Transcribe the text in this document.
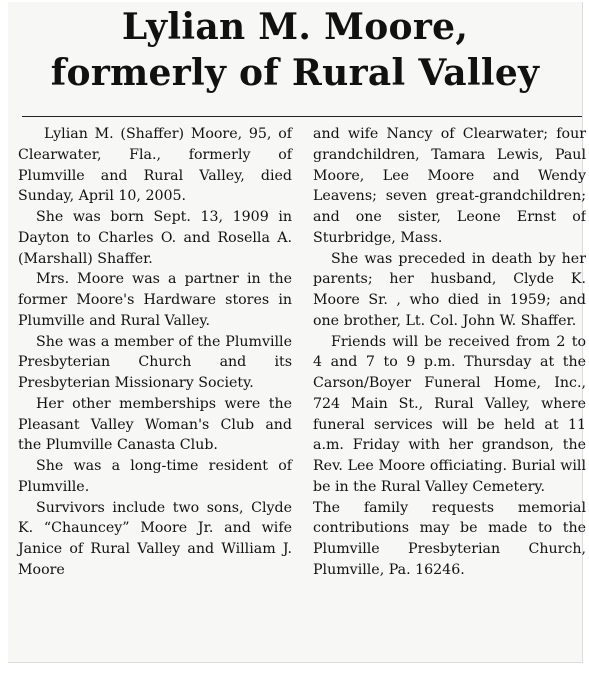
Lylian M. Moore,
formerly of Rural Valley

Lylian M. (Shaffer) Moore, 95, of Clearwater, Fla., formerly of Plumville and Rural Valley, died Sunday, April 10, 2005.

She was born Sept. 13, 1909 in Dayton to Charles O. and Rosella A. (Marshall) Shaffer.

Mrs. Moore was a partner in the former Moore's Hardware stores in Plumville and Rural Valley.

She was a member of the Plumville Presbyterian Church and its Presbyterian Missionary Society.

Her other memberships were the Pleasant Valley Woman's Club and the Plumville Canasta Club.

She was a long-time resident of Plumville.

Survivors include two sons, Clyde K. “Chauncey” Moore Jr. and wife Janice of Rural Valley and William J. Moore

and wife Nancy of Clearwater; four grandchildren, Tamara Lewis, Paul Moore, Lee Moore and Wendy Leavens; seven great-grandchildren; and one sister, Leone Ernst of Sturbridge, Mass.

She was preceded in death by her parents; her husband, Clyde K. Moore Sr. , who died in 1959; and one brother, Lt. Col. John W. Shaffer.

Friends will be received from 2 to 4 and 7 to 9 p.m. Thursday at the Carson/Boyer Funeral Home, Inc., 724 Main St., Rural Valley, where funeral services will be held at 11 a.m. Friday with her grandson, the Rev. Lee Moore officiating. Burial will be in the Rural Valley Cemetery.

The family requests memorial contributions may be made to the Plumville Presbyterian Church, Plumville, Pa. 16246.
